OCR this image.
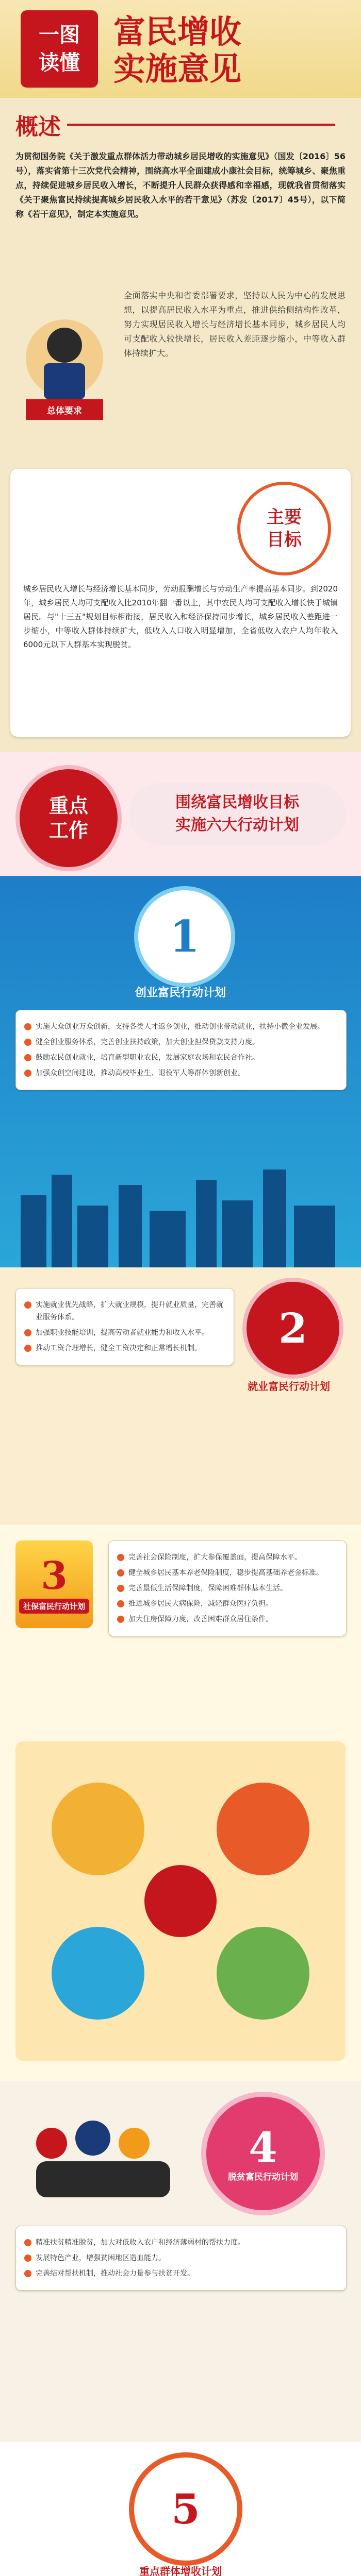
一图
读懂
富民增收
实施意见
概述
为贯彻国务院《关于激发重点群体活力带动城乡居民增收的实施意见》（国发〔2016〕56号），落实省第十三次党代会精神，围绕高水平全面建成小康社会目标，统筹城乡、聚焦重点，持续促进城乡居民收入增长，不断提升人民群众获得感和幸福感，现就我省贯彻落实《关于聚焦富民持续提高城乡居民收入水平的若干意见》（苏发〔2017〕45号），以下简称《若干意见》，制定本实施意见。
总体要求
全面落实中央和省委部署要求，坚持以人民为中心的发展思想，以提高居民收入水平为重点，推进供给侧结构性改革，努力实现居民收入增长与经济增长基本同步，城乡居民人均可支配收入较快增长，居民收入差距逐步缩小，中等收入群体持续扩大。
主要目标
城乡居民收入增长与经济增长基本同步，劳动报酬增长与劳动生产率提高基本同步。到2020年，城乡居民人均可支配收入比2010年翻一番以上，其中农民人均可支配收入增长快于城镇居民。与"十三五"规划目标相衔接，居民收入和经济保持同步增长，城乡居民收入差距进一步缩小，中等收入群体持续扩大，低收入人口收入明显增加，全省低收入农户人均年收入6000元以下人群基本实现脱贫。
重点工作
围绕富民增收目标
实施六大行动计划
1
创业富民行动计划
实施大众创业万众创新，支持各类人才返乡创业，推动创业带动就业，扶持小微企业发展。
健全创业服务体系，完善创业扶持政策，加大创业担保贷款支持力度。
鼓励农民创业就业，培育新型职业农民，发展家庭农场和农民合作社。
加强众创空间建设，推动高校毕业生、退役军人等群体创新创业。
2
就业富民行动计划
实施就业优先战略，扩大就业规模，提升就业质量，完善就业服务体系。
加强职业技能培训，提高劳动者就业能力和收入水平。
推动工资合理增长，健全工资决定和正常增长机制。
3
社保富民行动计划
完善社会保险制度，扩大参保覆盖面，提高保障水平。
健全城乡居民基本养老保险制度，稳步提高基础养老金标准。
完善最低生活保障制度，保障困难群体基本生活。
推进城乡居民大病保险，减轻群众医疗负担。
加大住房保障力度，改善困难群众居住条件。
4
脱贫富民行动计划
精准扶贫精准脱贫，加大对低收入农户和经济薄弱村的帮扶力度。
发展特色产业，增强贫困地区造血能力。
完善结对帮扶机制，推动社会力量参与扶贫开发。
5
重点群体增收计划
